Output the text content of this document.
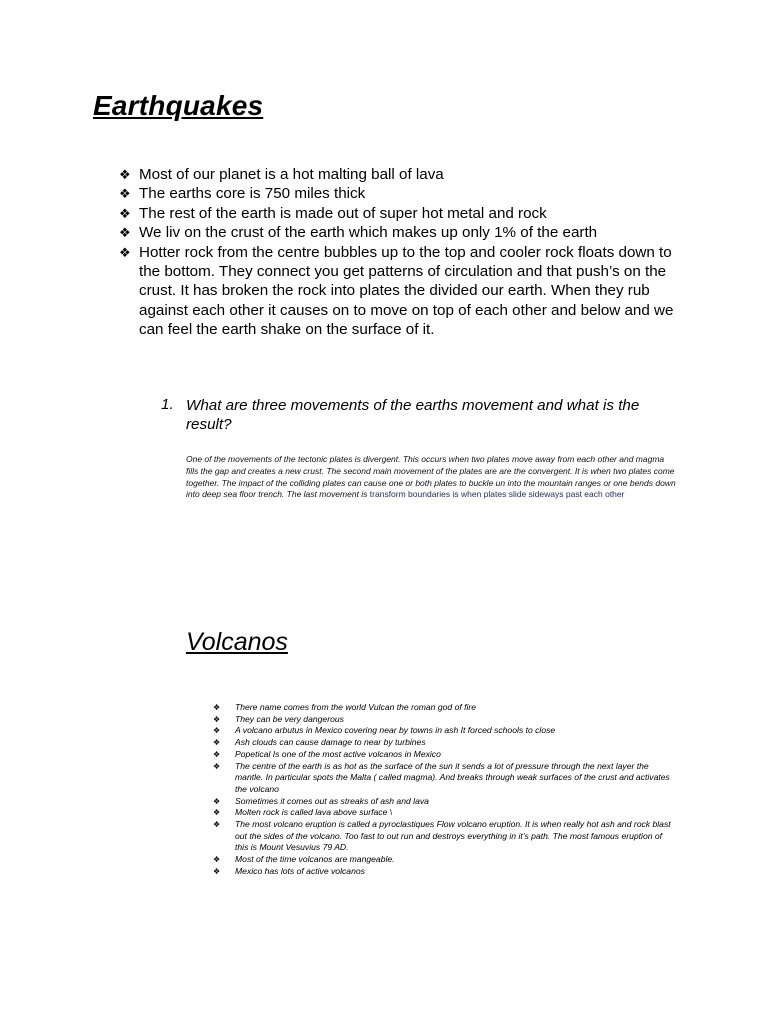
Earthquakes
❖ Most of our planet is a hot malting ball of lava
❖ The earths core is 750 miles thick
❖ The rest of the earth is made out of super hot metal and rock
❖ We liv on the crust of the earth which makes up only 1% of the earth
❖ Hotter rock from the centre bubbles up to the top and cooler rock floats down to the bottom. They connect you get patterns of circulation and that push’s on the crust. It has broken the rock into plates the divided our earth. When they rub against each other it causes on to move on top of each other and below and we can feel the earth shake on the surface of it.
1. What are three movements of the earths movement and what is the result?

One of the movements of the tectonic plates is divergent. This occurs when two plates move away from each other and magma fills the gap and creates a new crust. The second main movement of the plates are are the convergent. It is when two plates come together. The impact of the colliding plates can cause one or both plates to buckle un into the mountain ranges or one bends down into deep sea floor trench. The last movement is transform boundaries is when plates slide sideways past each other

Volcanos
❖ There name comes from the world Vulcan the roman god of fire
❖ They can be very dangerous
❖ A volcano arbutus in Mexico covering near by towns in ash It forced schools to close
❖ Ash clouds can cause damage to near by turbines
❖ Popetical Is one of the most active volcanos in Mexico
❖ The centre of the earth is as hot as the surface of the sun it sends a lot of pressure through the next layer the mantle. In particular spots the Malta ( called magma). And breaks through weak surfaces of the crust and activates the volcano
❖ Sometimes it comes out as streaks of ash and lava
❖ Molten rock is called lava above surface \
❖ The most volcano eruption is called a pyroclastiques Flow volcano eruption. It is when really hot ash and rock blast out the sides of the volcano. Too fast to out run and destroys everything in it’s path. The most famous eruption of this is Mount Vesuvius 79 AD.
❖ Most of the time volcanos are mangeable.
❖ Mexico has lots of active volcanos
